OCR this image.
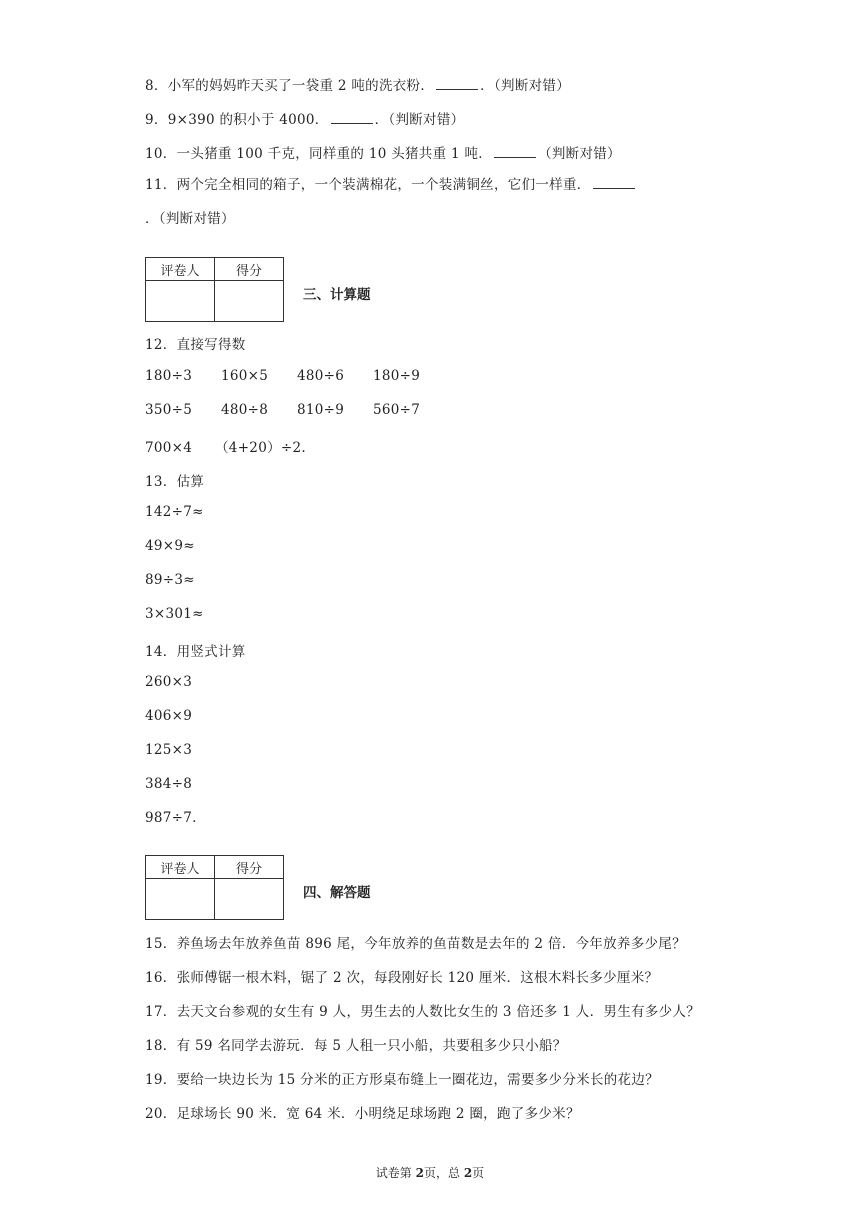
8．小军的妈妈昨天买了一袋重 2 吨的洗衣粉．	．（判断对错）
9．9×390 的积小于 4000．	．（判断对错）
10．一头猪重 100 千克，同样重的 10 头猪共重 1 吨．	（判断对错）
11．两个完全相同的箱子，一个装满棉花，一个装满铜丝，它们一样重．．（判断对错）
评卷人	得分

三、计算题
12．直接写得数
180÷3 160×5 480÷6 180÷9
350÷5 480÷8 810÷9 560÷7
700×4 （4+20）÷2.
13．估算
142÷7≈
49×9≈
89÷3≈
3×301≈
14．用竖式计算
260×3
406×9
125×3
384÷8
987÷7.
评卷人	得分

四、解答题
15．养鱼场去年放养鱼苗 896 尾，今年放养的鱼苗数是去年的 2 倍．今年放养多少尾？
16．张师傅锯一根木料，锯了 2 次，每段刚好长 120 厘米．这根木料长多少厘米？
17．去天文台参观的女生有 9 人，男生去的人数比女生的 3 倍还多 1 人．男生有多少人？
18．有 59 名同学去游玩．每 5 人租一只小船，共要租多少只小船？
19．要给一块边长为 15 分米的正方形桌布缝上一圈花边，需要多少分米长的花边？
20．足球场长 90 米．宽 64 米．小明绕足球场跑 2 圈，跑了多少米？
试卷第 2页，总 2页
